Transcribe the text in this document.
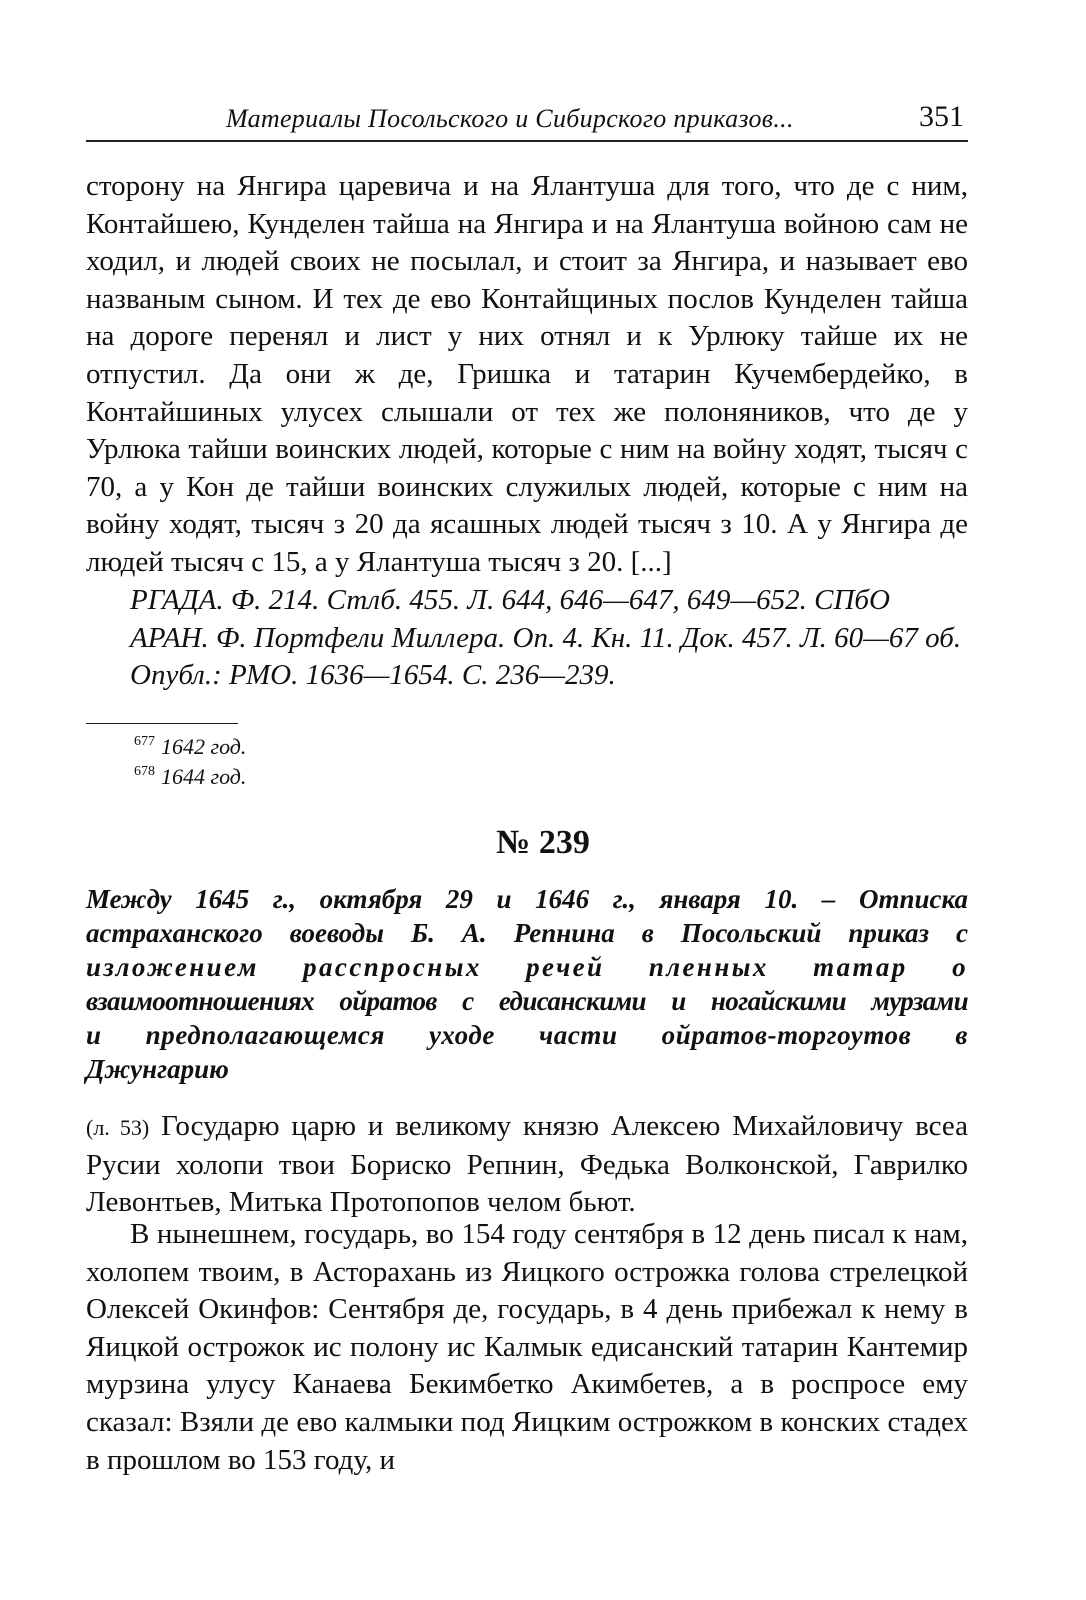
Материалы Посольского и Сибирского приказов...	351

сторону на Янгира царевича и на Ялантуша для того, что де с ним, Контайшею, Кунделен тайша на Янгира и на Ялантуша войною сам не ходил, и людей своих не посылал, и стоит за Янгира, и называет ево названым сыном. И тех де ево Контайщиных послов Кунделен тайша на дороге перенял и лист у них отнял и к Урлюку тайше их не отпустил. Да они ж де, Гришка и татарин Кучембердейко, в Контайшиных улусех слышали от тех же полоняников, что де у Урлюка тайши воинских людей, которые с ним на войну ходят, тысяч с 70, а у Кон де тайши воинских служилых людей, которые с ним на войну ходят, тысяч з 20 да ясашных людей тысяч з 10. А у Янгира де людей тысяч с 15, а у Ялантуша тысяч з 20. [...]

РГАДА. Ф. 214. Стлб. 455. Л. 644, 646—647, 649—652. СПбО
АРАН. Ф. Портфели Миллера. Оп. 4. Кн. 11. Док. 457. Л. 60—67 об.
Опубл.: РМО. 1636—1654. С. 236—239.
$^{677}$ 1642 год.
$^{678}$ 1644 год.
№ 239
Между 1645 г., октября 29 и 1646 г., января 10. – Отписка
астраханского воеводы Б. А. Репнина в Посольский приказ с
изложением расспросных речей пленных татар о
взаимоотношениях ойратов с едисанскими и ногайскими мурзами
и предполагающемся уходе части ойратов-торгоутов в
Джунгарию

(л. 53) Государю царю и великому князю Алексею Михайловичу всеа Русии холопи твои Бориско Репнин, Федька Волконской, Гаврилко Левонтьев, Митька Протопопов челом бьют.

В нынешнем, государь, во 154 году сентября в 12 день писал к нам, холопем твоим, в Асторахань из Яицкого острожка голова стрелецкой Олексей Окинфов: Сентября де, государь, в 4 день прибежал к нему в Яицкой острожок ис полону ис Калмык едисанский татарин Кантемир мурзина улусу Канаева Бекимбетко Акимбетев, а в роспросе ему сказал: Взяли де ево калмыки под Яицким острожком в конских стадех в прошлом во 153 году, и
